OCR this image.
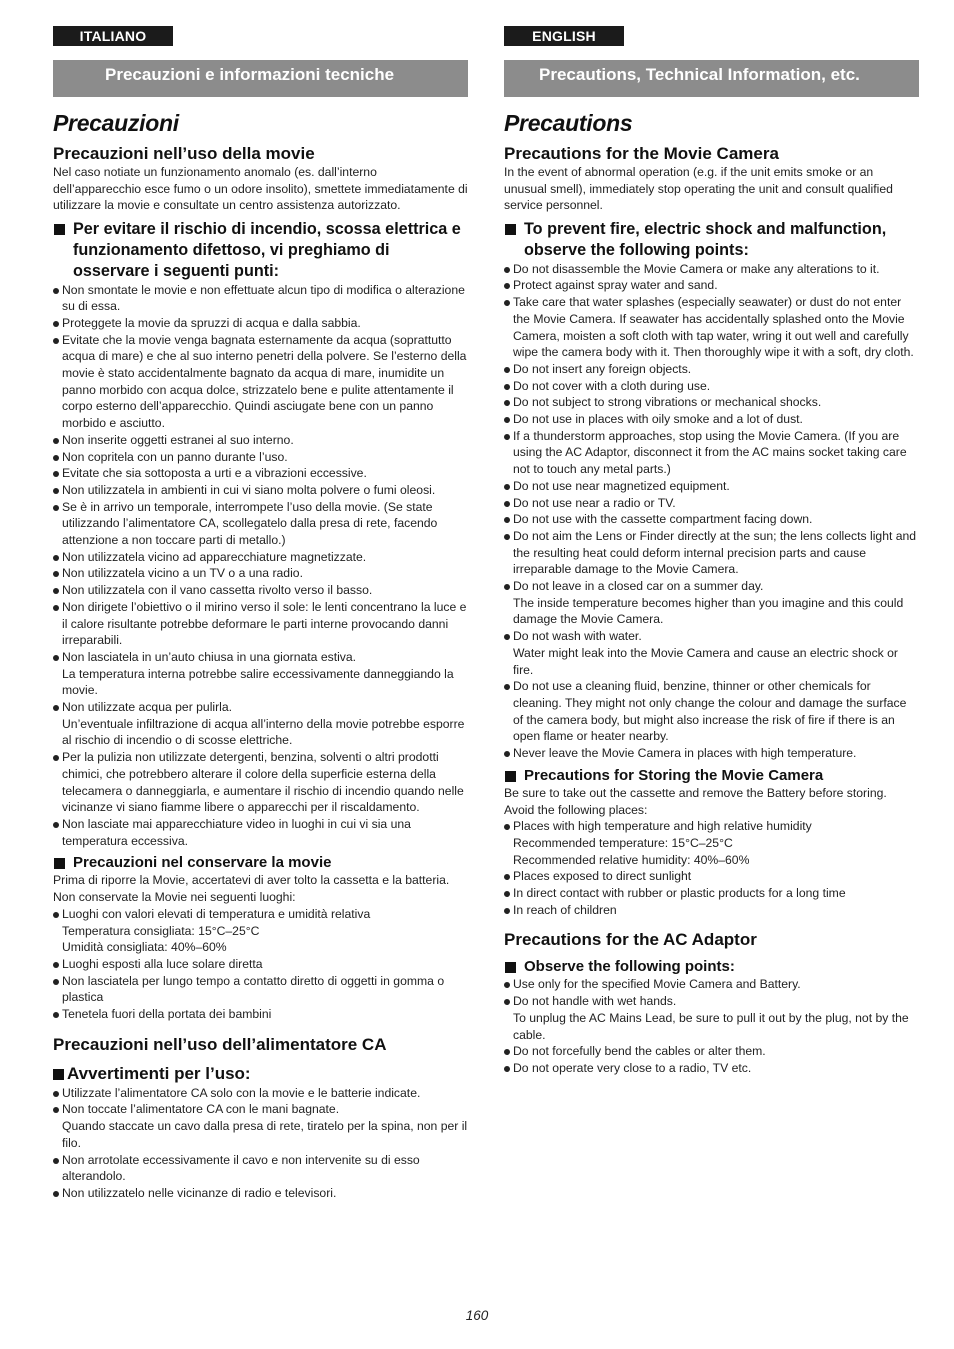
ITALIANO
Precauzioni e informazioni tecniche
Precauzioni
Precauzioni nell’uso della movie

Nel caso notiate un funzionamento anomalo (es. dall’interno dell’apparecchio esce fumo o un odore insolito), smettete immediatamente di utilizzare la movie e consultate un centro assistenza autorizzato.

Per evitare il rischio di incendio, scossa elettrica e funzionamento difettoso, vi preghiamo di osservare i seguenti punti:
Non smontate le movie e non effettuate alcun tipo di modifica o alterazione su di essa.
Proteggete la movie da spruzzi di acqua e dalla sabbia.
Evitate che la movie venga bagnata esternamente da acqua (soprattutto acqua di mare) e che al suo interno penetri della polvere. Se l’esterno della movie è stato accidentalmente bagnato da acqua di mare, inumidite un panno morbido con acqua dolce, strizzatelo bene e pulite attentamente il corpo esterno dell’apparecchio. Quindi asciugate bene con un panno morbido e asciutto.
Non inserite oggetti estranei al suo interno.
Non copritela con un panno durante l’uso.
Evitate che sia sottoposta a urti e a vibrazioni eccessive.
Non utilizzatela in ambienti in cui vi siano molta polvere o fumi oleosi.
Se è in arrivo un temporale, interrompete l’uso della movie. (Se state utilizzando l’alimentatore CA, scollegatelo dalla presa di rete, facendo attenzione a non toccare parti di metallo.)
Non utilizzatela vicino ad apparecchiature magnetizzate.
Non utilizzatela vicino a un TV o a una radio.
Non utilizzatela con il vano cassetta rivolto verso il basso.
Non dirigete l’obiettivo o il mirino verso il sole: le lenti concentrano la luce e il calore risultante potrebbe deformare le parti interne provocando danni irreparabili.
Non lasciatela in un’auto chiusa in una giornata estiva.
La temperatura interna potrebbe salire eccessivamente danneggiando la movie.
Non utilizzate acqua per pulirla.
Un’eventuale infiltrazione di acqua all’interno della movie potrebbe esporre al rischio di incendio o di scosse elettriche.
Per la pulizia non utilizzate detergenti, benzina, solventi o altri prodotti chimici, che potrebbero alterare il colore della superficie esterna della telecamera o danneggiarla, e aumentare il rischio di incendio quando nelle vicinanze vi siano fiamme libere o apparecchi per il riscaldamento.
Non lasciate mai apparecchiature video in luoghi in cui vi sia una temperatura eccessiva.
Precauzioni nel conservare la movie

Prima di riporre la Movie, accertatevi di aver tolto la cassetta e la batteria.

Non conservate la Movie nei seguenti luoghi:

Luoghi con valori elevati di temperatura e umidità relativa
Temperatura consigliata: 15°C–25°C
Umidità consigliata: 40%–60%
Luoghi esposti alla luce solare diretta
Non lasciatela per lungo tempo a contatto diretto di oggetti in gomma o plastica
Tenetela fuori della portata dei bambini
Precauzioni nell’uso dell’alimentatore CA
Avvertimenti per l’uso:
Utilizzate l’alimentatore CA solo con la movie e le batterie indicate.
Non toccate l’alimentatore CA con le mani bagnate.
Quando staccate un cavo dalla presa di rete, tiratelo per la spina, non per il filo.
Non arrotolate eccessivamente il cavo e non intervenite su di esso alterandolo.
Non utilizzatelo nelle vicinanze di radio e televisori.
ENGLISH
Precautions, Technical Information, etc.
Precautions
Precautions for the Movie Camera

In the event of abnormal operation (e.g. if the unit emits smoke or an unusual smell), immediately stop operating the unit and consult qualified service personnel.

To prevent fire, electric shock and malfunction, observe the following points:
Do not disassemble the Movie Camera or make any alterations to it.
Protect against spray water and sand.
Take care that water splashes (especially seawater) or dust do not enter the Movie Camera. If seawater has accidentally splashed onto the Movie Camera, moisten a soft cloth with tap water, wring it out well and carefully wipe the camera body with it. Then thoroughly wipe it with a soft, dry cloth.
Do not insert any foreign objects.
Do not cover with a cloth during use.
Do not subject to strong vibrations or mechanical shocks.
Do not use in places with oily smoke and a lot of dust.
If a thunderstorm approaches, stop using the Movie Camera. (If you are using the AC Adaptor, disconnect it from the AC mains socket taking care not to touch any metal parts.)
Do not use near magnetized equipment.
Do not use near a radio or TV.
Do not use with the cassette compartment facing down.
Do not aim the Lens or Finder directly at the sun; the lens collects light and the resulting heat could deform internal precision parts and cause irreparable damage to the Movie Camera.
Do not leave in a closed car on a summer day.
The inside temperature becomes higher than you imagine and this could damage the Movie Camera.
Do not wash with water.
Water might leak into the Movie Camera and cause an electric shock or fire.
Do not use a cleaning fluid, benzine, thinner or other chemicals for cleaning. They might not only change the colour and damage the surface of the camera body, but might also increase the risk of fire if there is an open flame or heater nearby.
Never leave the Movie Camera in places with high temperature.
Precautions for Storing the Movie Camera

Be sure to take out the cassette and remove the Battery before storing.

Avoid the following places:

Places with high temperature and high relative humidity
Recommended temperature: 15°C–25°C
Recommended relative humidity: 40%–60%
Places exposed to direct sunlight
In direct contact with rubber or plastic products for a long time
In reach of children
Precautions for the AC Adaptor
Observe the following points:
Use only for the specified Movie Camera and Battery.
Do not handle with wet hands.
To unplug the AC Mains Lead, be sure to pull it out by the plug, not by the cable.
Do not forcefully bend the cables or alter them.
Do not operate very close to a radio, TV etc.
160
